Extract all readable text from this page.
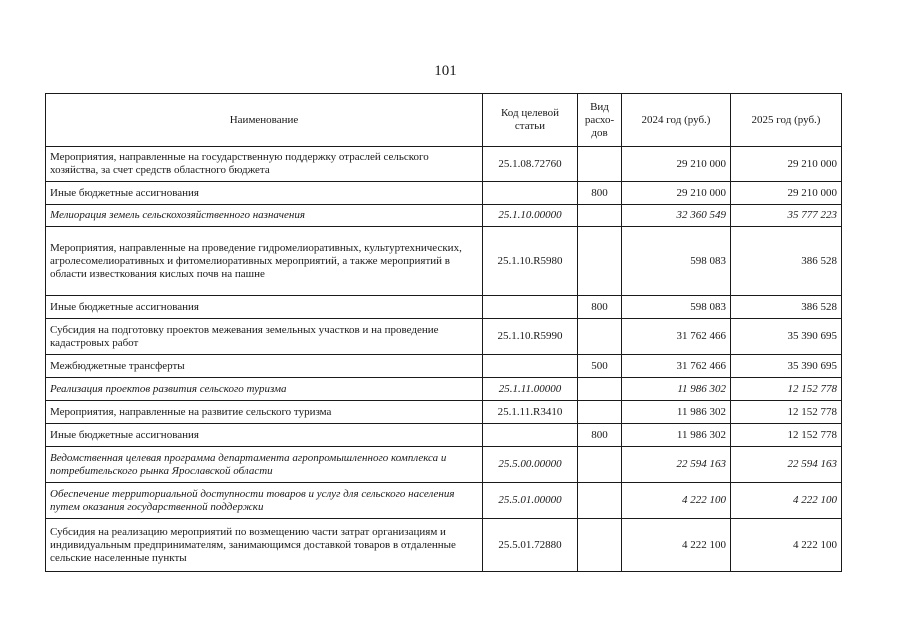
101
Наименование	Код целевой статьи	Вид расхо-дов	2024 год (руб.)	2025 год (руб.)
Мероприятия, направленные на государственную поддержку отраслей сельского хозяйства, за счет средств областного бюджета	25.1.08.72760		29 210 000	29 210 000
Иные бюджетные ассигнования		800	29 210 000	29 210 000
Мелиорация земель сельскохозяйственного назначения	25.1.10.00000		32 360 549	35 777 223
Мероприятия, направленные на проведение гидромелиоративных, культуртехнических, агролесомелиоративных и фитомелиоративных мероприятий, а также мероприятий в области известкования кислых почв на пашне	25.1.10.R5980		598 083	386 528
Иные бюджетные ассигнования		800	598 083	386 528
Субсидия на подготовку проектов межевания земельных участков и на проведение кадастровых работ	25.1.10.R5990		31 762 466	35 390 695
Межбюджетные трансферты		500	31 762 466	35 390 695
Реализация проектов развития сельского туризма	25.1.11.00000		11 986 302	12 152 778
Мероприятия, направленные на развитие сельского туризма	25.1.11.R3410		11 986 302	12 152 778
Иные бюджетные ассигнования		800	11 986 302	12 152 778
Ведомственная целевая программа департамента агропромышленного комплекса и потребительского рынка Ярославской области	25.5.00.00000		22 594 163	22 594 163
Обеспечение территориальной доступности товаров и услуг для сельского населения путем оказания государственной поддержки	25.5.01.00000		4 222 100	4 222 100
Субсидия на реализацию мероприятий по возмещению части затрат организациям и индивидуальным предпринимателям, занимающимся доставкой товаров в отдаленные сельские населенные пункты	25.5.01.72880		4 222 100	4 222 100
